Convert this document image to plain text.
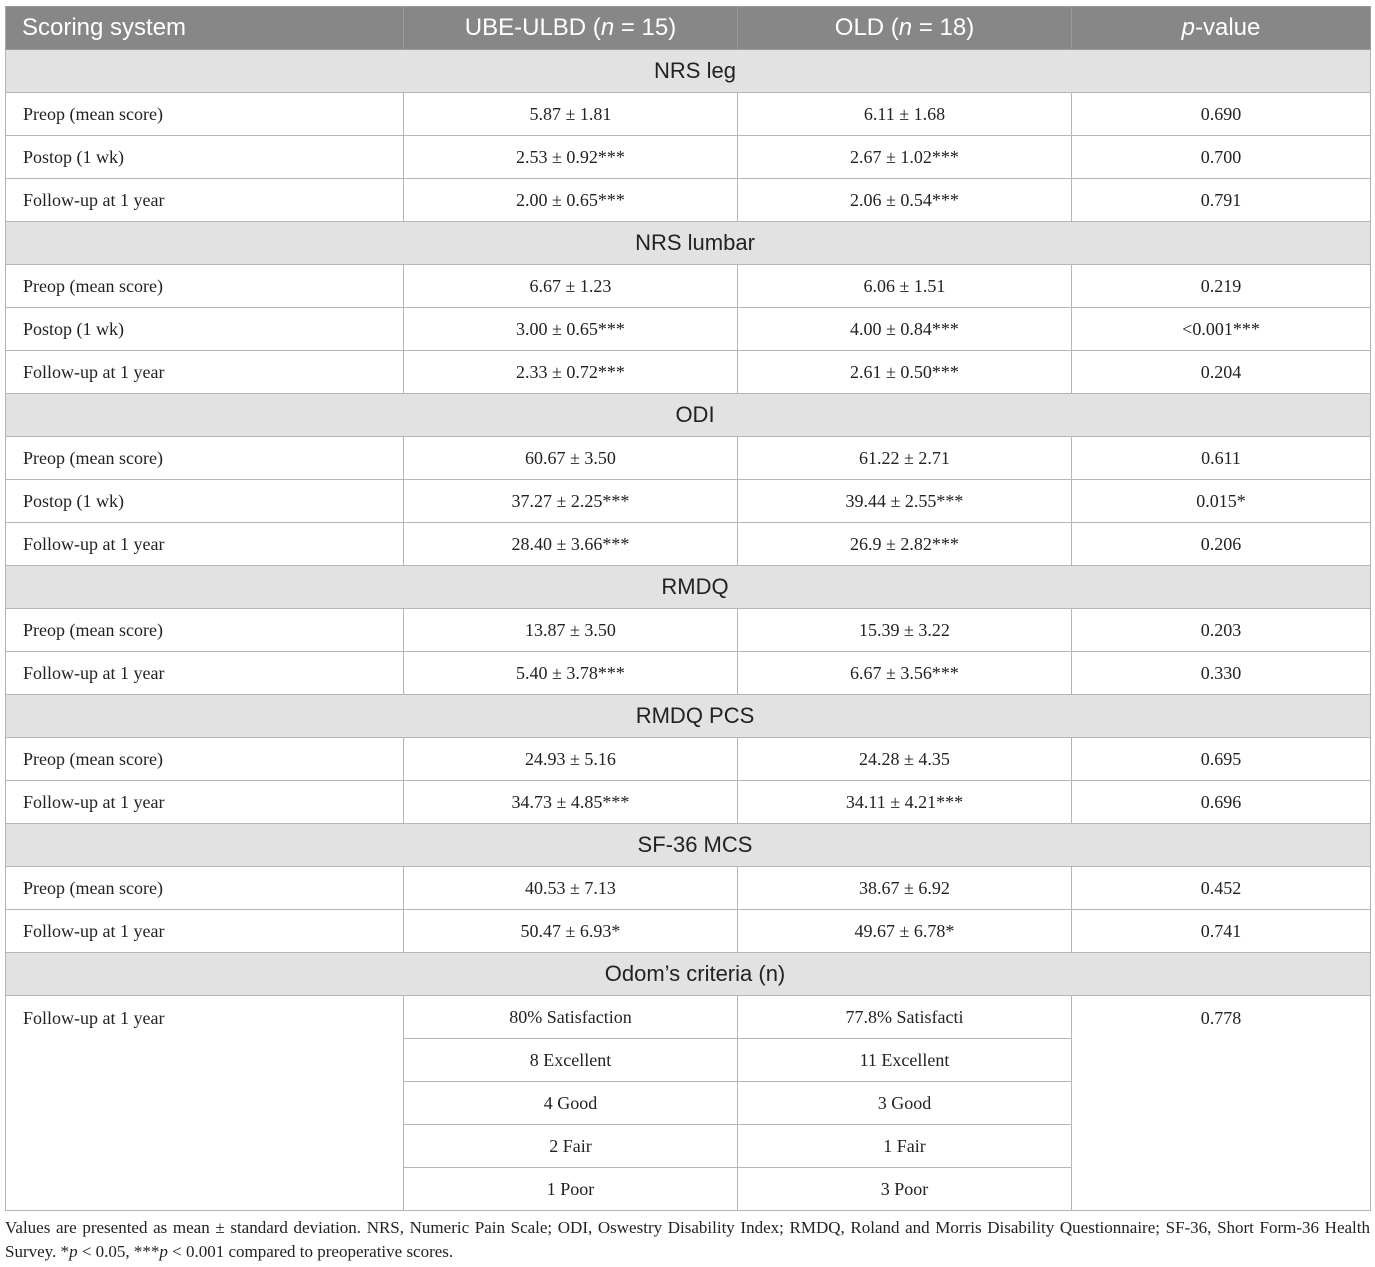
Scoring system	UBE-ULBD (n = 15)	OLD (n = 18)	p-value
NRS leg			
Preop (mean score)	5.87 ± 1.81	6.11 ± 1.68	0.690
Postop (1 wk)	2.53 ± 0.92***	2.67 ± 1.02***	0.700
Follow-up at 1 year	2.00 ± 0.65***	2.06 ± 0.54***	0.791
NRS lumbar			
Preop (mean score)	6.67 ± 1.23	6.06 ± 1.51	0.219
Postop (1 wk)	3.00 ± 0.65***	4.00 ± 0.84***	<0.001***
Follow-up at 1 year	2.33 ± 0.72***	2.61 ± 0.50***	0.204
ODI			
Preop (mean score)	60.67 ± 3.50	61.22 ± 2.71	0.611
Postop (1 wk)	37.27 ± 2.25***	39.44 ± 2.55***	0.015*
Follow-up at 1 year	28.40 ± 3.66***	26.9 ± 2.82***	0.206
RMDQ			
Preop (mean score)	13.87 ± 3.50	15.39 ± 3.22	0.203
Follow-up at 1 year	5.40 ± 3.78***	6.67 ± 3.56***	0.330
RMDQ PCS			
Preop (mean score)	24.93 ± 5.16	24.28 ± 4.35	0.695
Follow-up at 1 year	34.73 ± 4.85***	34.11 ± 4.21***	0.696
SF-36 MCS			
Preop (mean score)	40.53 ± 7.13	38.67 ± 6.92	0.452
Follow-up at 1 year	50.47 ± 6.93*	49.67 ± 6.78*	0.741
Odom’s criteria (n)			
Follow-up at 1 year	80% Satisfaction	77.8% Satisfacti	0.778
	8 Excellent	11 Excellent	
	4 Good	3 Good	
	2 Fair	1 Fair	
	1 Poor	3 Poor	
Values are presented as mean ± standard deviation. NRS, Numeric Pain Scale; ODI, Oswestry Disability Index; RMDQ, Roland and Morris Disability Questionnaire; SF-36, Short Form-36 Health Survey. *p < 0.05, ***p < 0.001 compared to preoperative scores.
